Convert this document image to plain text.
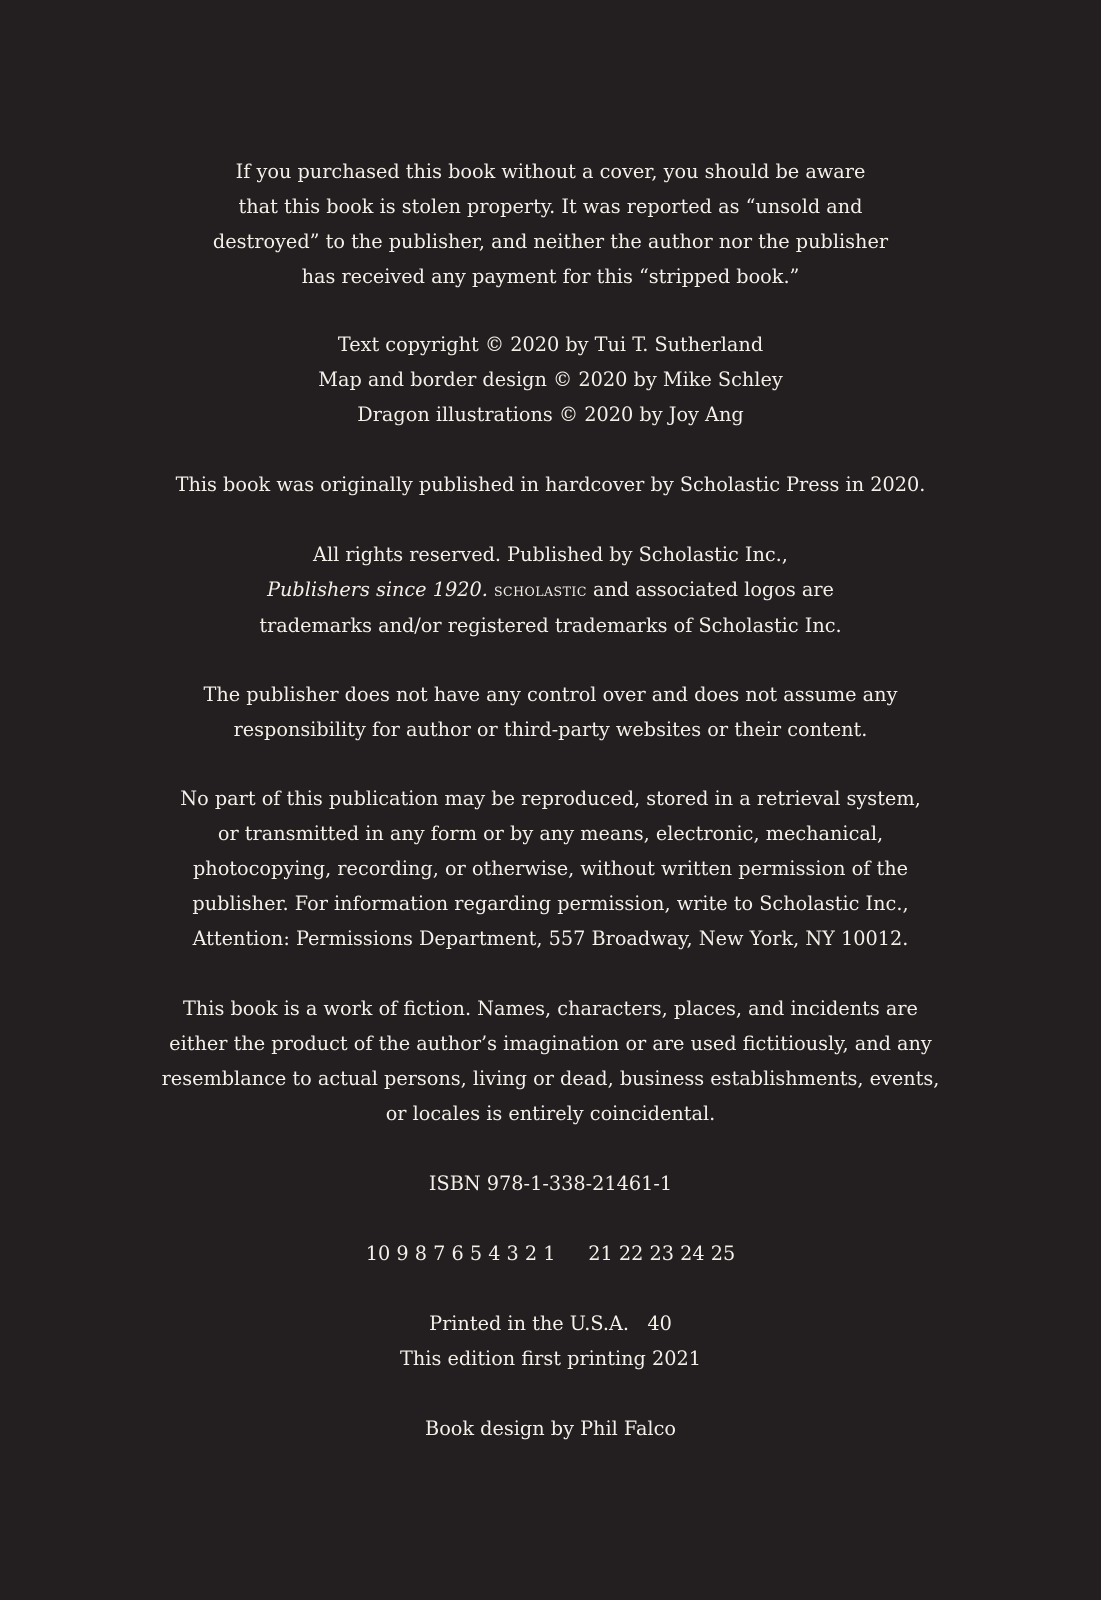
If you purchased this book without a cover, you should be aware
that this book is stolen property. It was reported as “unsold and
destroyed” to the publisher, and neither the author nor the publisher
has received any payment for this “stripped book.”
Text copyright © 2020 by Tui T. Sutherland
Map and border design © 2020 by Mike Schley
Dragon illustrations © 2020 by Joy Ang
This book was originally published in hardcover by Scholastic Press in 2020.
All rights reserved. Published by Scholastic Inc.,
Publishers since 1920. scholastic and associated logos are
trademarks and/or registered trademarks of Scholastic Inc.
The publisher does not have any control over and does not assume any
responsibility for author or third-party websites or their content.
No part of this publication may be reproduced, stored in a retrieval system,
or transmitted in any form or by any means, electronic, mechanical,
photocopying, recording, or otherwise, without written permission of the
publisher. For information regarding permission, write to Scholastic Inc.,
Attention: Permissions Department, 557 Broadway, New York, NY 10012.
This book is a work of fiction. Names, characters, places, and incidents are
either the product of the author’s imagination or are used fictitiously, and any
resemblance to actual persons, living or dead, business establishments, events,
or locales is entirely coincidental.
ISBN 978-1-338-21461-1
10 9 8 7 6 5 4 3 2 1 21 22 23 24 25
Printed in the U.S.A. 40
This edition first printing 2021
Book design by Phil Falco
